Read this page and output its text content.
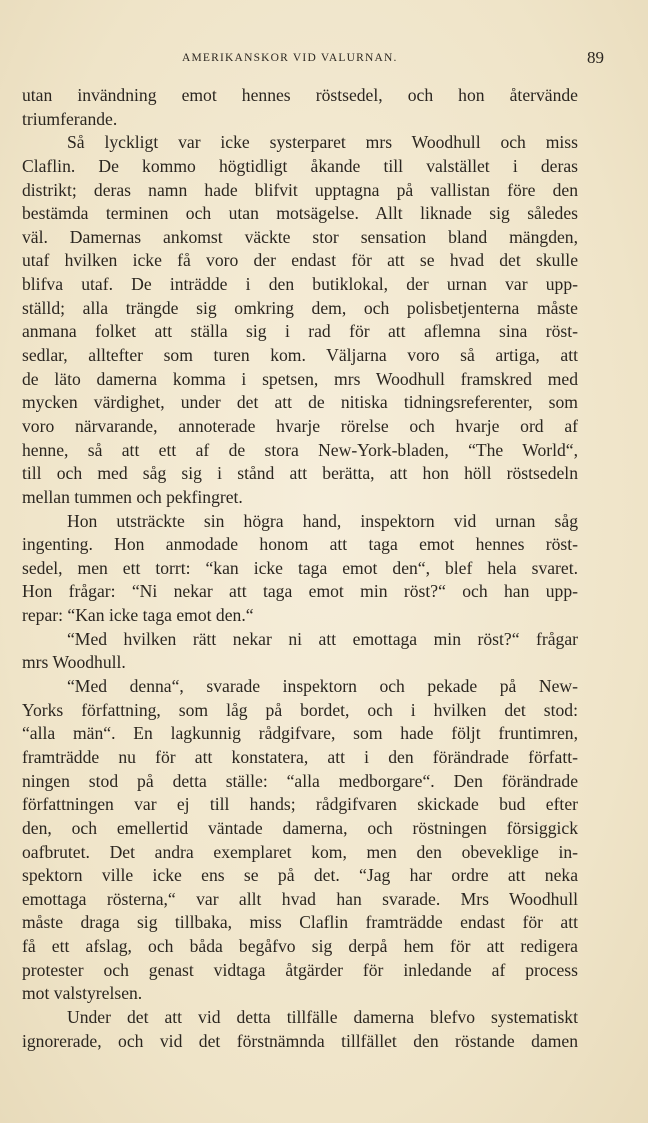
AMERIKANSKOR VID VALURNAN.	89
utan invändning emot hennes röstsedel, och hon återvände
triumferande.
Så lyckligt var icke systerparet mrs Woodhull och miss
Claflin. De kommo högtidligt åkande till valstället i deras
distrikt; deras namn hade blifvit upptagna på vallistan före den
bestämda terminen och utan motsägelse. Allt liknade sig således
väl. Damernas ankomst väckte stor sensation bland mängden,
utaf hvilken icke få voro der endast för att se hvad det skulle
blifva utaf. De inträdde i den butiklokal, der urnan var upp-
ställd; alla trängde sig omkring dem, och polisbetjenterna måste
anmana folket att ställa sig i rad för att aflemna sina röst-
sedlar, alltefter som turen kom. Väljarna voro så artiga, att
de läto damerna komma i spetsen, mrs Woodhull framskred med
mycken värdighet, under det att de nitiska tidningsreferenter, som
voro närvarande, annoterade hvarje rörelse och hvarje ord af
henne, så att ett af de stora New-York-bladen, “The World“,
till och med såg sig i stånd att berätta, att hon höll röstsedeln
mellan tummen och pekfingret.
Hon utsträckte sin högra hand, inspektorn vid urnan såg
ingenting. Hon anmodade honom att taga emot hennes röst-
sedel, men ett torrt: “kan icke taga emot den“, blef hela svaret.
Hon frågar: “Ni nekar att taga emot min röst?“ och han upp-
repar: “Kan icke taga emot den.“
“Med hvilken rätt nekar ni att emottaga min röst?“ frågar
mrs Woodhull.
“Med denna“, svarade inspektorn och pekade på New-
Yorks författning, som låg på bordet, och i hvilken det stod:
“alla män“. En lagkunnig rådgifvare, som hade följt fruntimren,
framträdde nu för att konstatera, att i den förändrade författ-
ningen stod på detta ställe: “alla medborgare“. Den förändrade
författningen var ej till hands; rådgifvaren skickade bud efter
den, och emellertid väntade damerna, och röstningen försiggick
oafbrutet. Det andra exemplaret kom, men den obeveklige in-
spektorn ville icke ens se på det. “Jag har ordre att neka
emottaga rösterna,“ var allt hvad han svarade. Mrs Woodhull
måste draga sig tillbaka, miss Claflin framträdde endast för att
få ett afslag, och båda begåfvo sig derpå hem för att redigera
protester och genast vidtaga åtgärder för inledande af process
mot valstyrelsen.
Under det att vid detta tillfälle damerna blefvo systematiskt
ignorerade, och vid det förstnämnda tillfället den röstande damen
